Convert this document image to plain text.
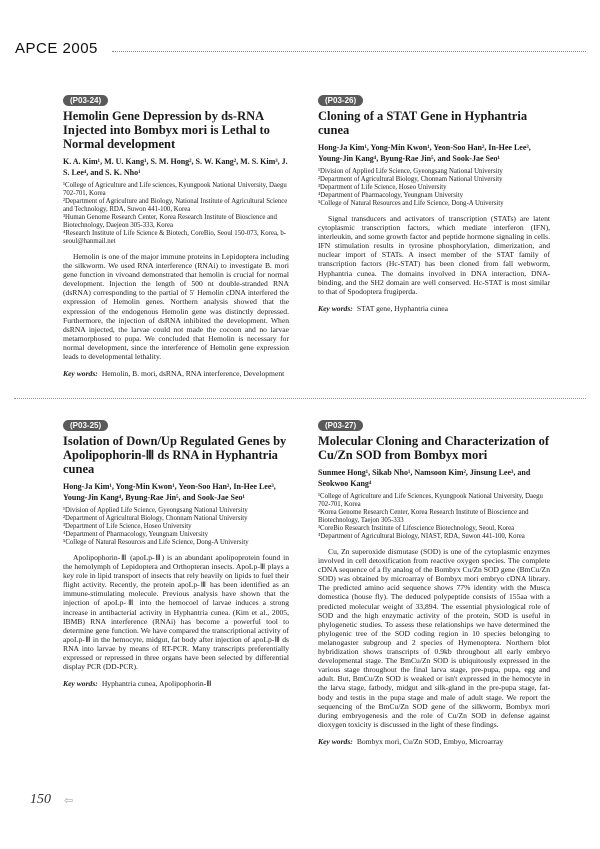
APCE 2005
(P03-24)
Hemolin Gene Depression by ds-RNA Injected into Bombyx mori is Lethal to Normal development
K. A. Kim¹, M. U. Kang¹, S. M. Hong², S. W. Kang², M. S. Kim³, J. S. Lee⁴, and S. K. Nho¹
¹College of Agriculture and Life sciences, Kyungpook National University, Daegu 702-701, Korea
²Department of Agriculture and Biology, National Institute of Agricultural Science and Technology, RDA, Suwon 441-100, Korea
³Human Genome Research Center, Korea Research Institute of Bioscience and Biotechnology, Daejeon 305-333, Korea
⁴Research Institute of Life Science & Biotech, CoreBio, Seoul 150-073, Korea, b-seoul@hanmail.net

Hemolin is one of the major immune proteins in Lepidoptera including the silkworm. We used RNA interference (RNAi) to investigate B. mori gene function in vivoand demonstrated that hemolin is crucial for normal development. Injection the length of 500 nt double-stranded RNA (dsRNA) corresponding to the partial of 5' Hemolin cDNA interfered the expression of Hemolin genes. Northern analysis showed that the expression of the endogenous Hemolin gene was distinctly depressed. Furthermore, the injection of dsRNA inhibited the development. When dsRNA injected, the larvae could not made the cocoon and no larvae metamorphosed to pupa. We concluded that Hemolin is necessary for normal development, since the interference of Hemolin gene expression leads to developmental lethality.

Key words: Hemolin, B. mori, dsRNA, RNA interference, Development
(P03-26)
Cloning of a STAT Gene in Hyphantria cunea
Hong-Ja Kim¹, Yong-Min Kwon¹, Yeon-Soo Han², In-Hee Lee³, Young-Jin Kang⁴, Byung-Rae Jin⁵, and Sook-Jae Seo¹
¹Division of Applied Life Science, Gyeongsang National University
²Department of Agricultural Biology, Chonnam National University
³Department of Life Science, Hoseo University
⁴Department of Pharmacology, Yeungnam University
⁵College of Natural Resources and Life Science, Dong-A University

Signal transducers and activators of transcription (STATs) are latent cytoplasmic transcription factors, which mediate interferon (IFN), interleukin, and some growth factor and peptide hormone signaling in cells. IFN stimulation results in tyrosine phosphorylation, dimerization, and nuclear import of STATs. A insect member of the STAT family of transcription factors (Hc-STAT) has been cloned from fall webworm, Hyphantria cunea. The domains involved in DNA interaction, DNA-binding, and the SH2 domain are well conserved. Hc-STAT is most similar to that of Spodoptera frugiperda.

Key words: STAT gene, Hyphantria cunea
(P03-25)
Isolation of Down/Up Regulated Genes by Apolipophorin-Ⅲ ds RNA in Hyphantria cunea
Hong-Ja Kim¹, Yong-Min Kwon¹, Yeon-Soo Han², In-Hee Lee³, Young-Jin Kang⁴, Byung-Rae Jin⁵, and Sook-Jae Seo¹
¹Division of Applied Life Science, Gyeongsang National University
²Department of Agricultural Biology, Chonnam National University
³Department of Life Science, Hoseo University
⁴Department of Pharmacology, Yeungnam University
⁵College of Natural Resources and Life Science, Dong-A University

Apolipophorin-Ⅲ (apoLp-Ⅲ) is an abundant apolipoprotein found in the hemolymph of Lepidoptera and Orthopteran insects. ApoLp-Ⅲ plays a key role in lipid transport of insects that rely heavily on lipids to fuel their flight activity. Recently, the protein apoLp-Ⅲ has been identified as an immune-stimulating molecule. Previous analysis have shown that the injection of apoLp-Ⅲ into the hemocoel of larvae induces a strong increase in antibacterial activity in Hyphantria cunea. (Kim et al., 2005, IBMB) RNA interference (RNAi) has become a powerful tool to determine gene function. We have compared the transcriptional activity of apoLp-Ⅲ in the hemocyte, midgut, fat body after injection of apoLp-Ⅲ ds RNA into larvae by means of RT-PCR. Many transcripts preferentially expressed or repressed in three organs have been selected by differential display PCR (DD-PCR).

Key words: Hyphantria cunea, Apolipophorin-Ⅲ
(P03-27)
Molecular Cloning and Characterization of Cu/Zn SOD from Bombyx mori
Sunmee Hong¹, Sikab Nho¹, Namsoon Kim², Jinsung Lee³, and Seokwoo Kang⁴
¹College of Agriculture and Life Sciences, Kyungpook National University, Daegu 702-701, Korea
²Korea Genome Research Center, Korea Research Institute of Bioscience and Biotechnology, Taejon 305-333
³CoreBio Research Institute of Lifescience Biotechnology, Seoul, Korea
⁴Department of Agricultural Biology, NIAST, RDA, Suwon 441-100, Korea

Cu, Zn superoxide dismutase (SOD) is one of the cytoplasmic enzymes involved in cell detoxification from reactive oxygen species. The complete cDNA sequence of a fly analog of the Bombyx Cu/Zn SOD gene (BmCu/Zn SOD) was obtained by microarray of Bombyx mori embryo cDNA library. The predicted amino acid sequence shows 77% identity with the Musca domestica (house fly). The deduced polypeptide consists of 155aa with a predicted molecular weight of 33,894. The essential physiological role of SOD and the high enzymatic activity of the protein, SOD is useful in phylogenetic studies. To assess these relationships we have determined the phylogenic tree of the SOD coding region in 10 species belonging to melanogaster subgroup and 2 species of Hymenoptera. Northern blot hybridization shows transcripts of 0.9kb throughout all early embryo developmental stage. The BmCu/Zn SOD is ubiquitously expressed in the various stage throughout the final larva stage, pre-pupa, pupa, egg and adult. But, BmCu/Zn SOD is weaked or isn't expressed in the hemocyte in the larva stage, fatbody, midgut and silk-gland in the pre-pupa stage, fat-body and testis in the pupa stage and male of adult stage. We report the sequencing of the BmCu/Zn SOD gene of the silkworm, Bombyx mori during embryogenesis and the role of Cu/Zn SOD in defense against dioxygen toxicity is discussed in the light of these findings.

Key words: Bombyx mori, Cu/Zn SOD, Embyo, Microarray
150 ⇦
